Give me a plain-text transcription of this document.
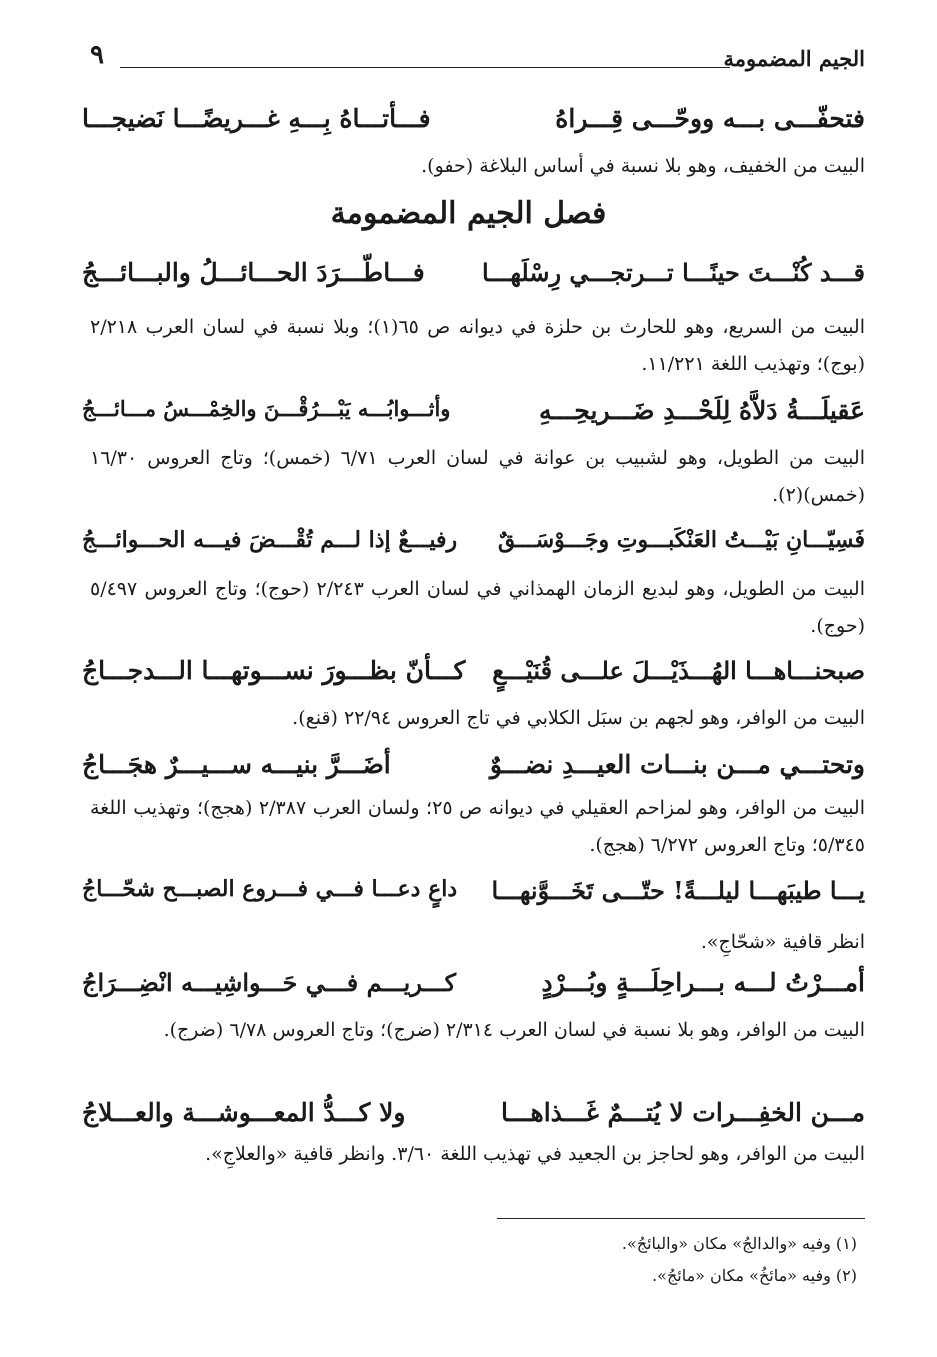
الجيم المضمومة
٩
فتحفّـــى بـــه ووحّـــى قِـــراهُ
فـــأتـــاهُ بِـــهِ غـــريضًـــا نَضيجـــا
البيت من الخفيف، وهو بلا نسبة في أساس البلاغة (حفو).
فصل الجيم المضمومة
قـــد كُنْـــتَ حينًـــا تـــرتجـــي رِسْلَهـــا
فـــاطّـــرَدَ الحـــائـــلُ والبـــائـــجُ
البيت من السريع، وهو للحارث بن حلزة في ديوانه ص ٦٥(١)؛ وبلا نسبة في لسان العرب ٢/٢١٨ (بوج)؛ وتهذيب اللغة ١١/٢٢١.
عَقيلَـــةُ دَلاَّهُ لِلَحْـــدِ ضَـــريحِـــهِ
وأثـــوابُـــه يَبْـــرُقْـــنَ والخِمْـــسُ مـــائـــجُ
البيت من الطويل، وهو لشبيب بن عوانة في لسان العرب ٦/٧١ (خمس)؛ وتاج العروس ١٦/٣٠ (خمس)(٢).
فَسِيّـــانِ بَيْـــتُ العَنْكَبـــوتِ وجَـــوْسَـــقٌ
رفيـــعٌ إذا لـــم تُقْـــضَ فيـــه الحـــوائـــجُ
البيت من الطويل، وهو لبديع الزمان الهمذاني في لسان العرب ٢/٢٤٣ (حوج)؛ وتاج العروس ٥/٤٩٧ (حوج).
صبحنـــاهـــا الهُـــذَيْـــلَ علـــى قُنَيْـــعٍ
كـــأنّ بظـــورَ نســـوتهـــا الـــدجـــاجُ
البيت من الوافر، وهو لجهم بن سبَل الكلابي في تاج العروس ٢٢/٩٤ (قنع).
وتحتـــي مـــن بنـــات العيـــدِ نضـــوٌ
أضَـــرَّ بنيـــه ســـيـــرٌ هجَـــاجُ
البيت من الوافر، وهو لمزاحم العقيلي في ديوانه ص ٢٥؛ ولسان العرب ٢/٣٨٧ (هجج)؛ وتهذيب اللغة ٥/٣٤٥؛ وتاج العروس ٦/٢٧٢ (هجج).
يـــا طيبَهـــا ليلـــةً! حتّـــى تَخَـــوَّنهـــا
داعٍ دعـــا فـــي فـــروع الصبـــح شحّـــاجُ
انظر قافية «شحّاجِ».
أمـــرْتُ لـــه بـــراحِلَـــةٍ وبُـــرْدٍ
كـــريـــم فـــي حَـــواشِيـــه انْضِـــرَاجُ
البيت من الوافر، وهو بلا نسبة في لسان العرب ٢/٣١٤ (ضرج)؛ وتاج العروس ٦/٧٨ (ضرج).
مـــن الخفِـــرات لا يُتـــمٌ غَـــذاهـــا
ولا كـــدُّ المعـــوشـــة والعـــلاجُ
البيت من الوافر، وهو لحاجز بن الجعيد في تهذيب اللغة ٣/٦٠. وانظر قافية «والعلاجِ».
(١) وفيه «والدالجُ» مكان «والبائجُ».
(٢) وفيه «مائخُ» مكان «مائجُ».
